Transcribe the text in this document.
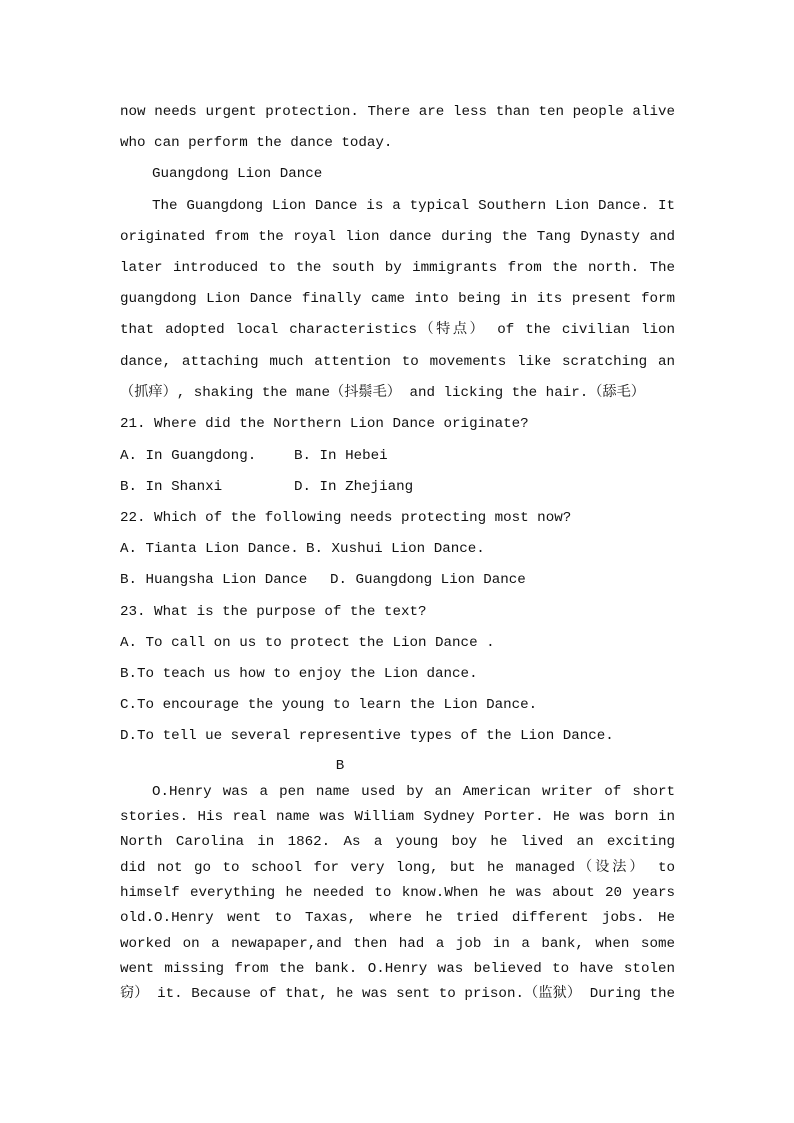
now needs urgent protection. There are less than ten people alive
who can perform the dance today.
Guangdong Lion Dance
The Guangdong Lion Dance is a typical Southern Lion Dance. It
originated from the royal lion dance during the Tang Dynasty and
later introduced to the south by immigrants from the north. The
guangdong Lion Dance finally came into being in its present form
that adopted local characteristics（特点） of the civilian lion
dance, attaching much attention to movements like scratching an
（抓痒）, shaking the mane（抖鬃毛） and licking the hair.（舔毛）
21. Where did the Northern Lion Dance originate?
A. In Guangdong.	B. In Hebei
B. In Shanxi	D. In Zhejiang
22. Which of the following needs protecting most now?
A. Tianta Lion Dance. B. Xushui Lion Dance.
B. Huangsha Lion Dance D. Guangdong Lion Dance
23. What is the purpose of the text?
A. To call on us to protect the Lion Dance .
B.To teach us how to enjoy the Lion dance.
C.To encourage the young to learn the Lion Dance.
D.To tell ue several representive types of the Lion Dance.
B
O.Henry was a pen name used by an American writer of short
stories. His real name was William Sydney Porter. He was born in
North Carolina in 1862. As a young boy he lived an exciting
did not go to school for very long, but he managed（设法） to
himself everything he needed to know.When he was about 20 years
old.O.Henry went to Taxas, where he tried different jobs. He
worked on a newapaper,and then had a job in a bank, when some
went missing from the bank. O.Henry was believed to have stolen
窃） it. Because of that, he was sent to prison.（监狱） During the
